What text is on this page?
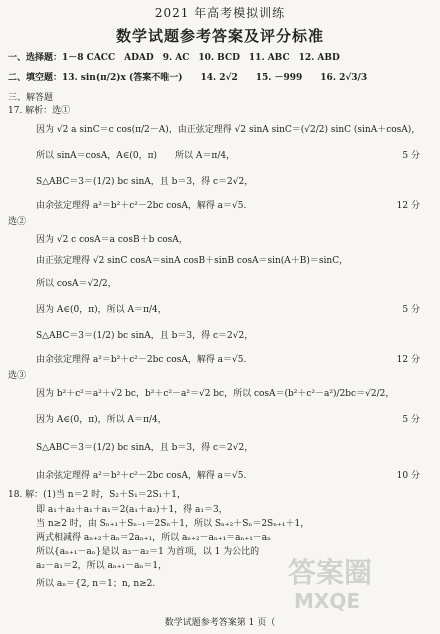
2021 年高考模拟训练
数学试题参考答案及评分标准
一、选择题：1－8 CACC　ADAD　9. AC　10. BCD　11. ABC　12. ABD
二、填空题：13. sin(π/2)x (答案不唯一)　　14. 2√2　　15. －999　　16. 2√3/3
三、解答题
17. 解析：选①
因为 √2 a sinC＝c cos(π/2－A)，由正弦定理得 √2 sinA sinC＝(√2/2) sinC (sinA＋cosA)，
所以 sinA＝cosA，A∈(0，π)　　所以 A＝π/4，	5 分
S△ABC＝3＝(1/2) bc sinA，且 b＝3，得 c＝2√2，
由余弦定理得 a²＝b²＋c²－2bc cosA，解得 a＝√5.	12 分
选②
因为 √2 c cosA＝a cosB＋b cosA，
由正弦定理得 √2 sinC cosA＝sinA cosB＋sinB cosA＝sin(A＋B)＝sinC，
所以 cosA＝√2/2，
因为 A∈(0，π)，所以 A＝π/4，	5 分
S△ABC＝3＝(1/2) bc sinA，且 b＝3，得 c＝2√2，
由余弦定理得 a²＝b²＋c²－2bc cosA，解得 a＝√5.	12 分
选③
因为 b²＋c²＝a²＋√2 bc，b²＋c²－a²＝√2 bc，所以 cosA＝(b²＋c²－a²)/2bc＝√2/2，
因为 A∈(0，π)，所以 A＝π/4，	5 分
S△ABC＝3＝(1/2) bc sinA，且 b＝3，得 c＝2√2，
由余弦定理得 a²＝b²＋c²－2bc cosA，解得 a＝√5.	10 分
18. 解：(1)当 n＝2 时，S₂＋S₁＝2S₁＋1，
即 a₁＋a₂＋a₁＋a₁＝2(a₁＋a₂)＋1，得 a₁＝3，
当 n≥2 时，由 Sₙ₊₁＋Sₙ₋₁＝2Sₙ＋1，所以 Sₙ₊₂＋Sₙ＝2Sₙ₊₁＋1，
两式相减得 aₙ₊₂＋aₙ＝2aₙ₊₁，所以 aₙ₊₂－aₙ₊₁＝aₙ₊₁－aₙ
所以{aₙ₊₁－aₙ}是以 a₃－a₂＝1 为首项，以 1 为公比的
a₂－a₁＝2，所以 aₙ₊₁－aₙ＝1，
所以 aₙ＝{2, n＝1；n, n≥2.
数学试题参考答案第 1 页（
答案圈
MXQE
